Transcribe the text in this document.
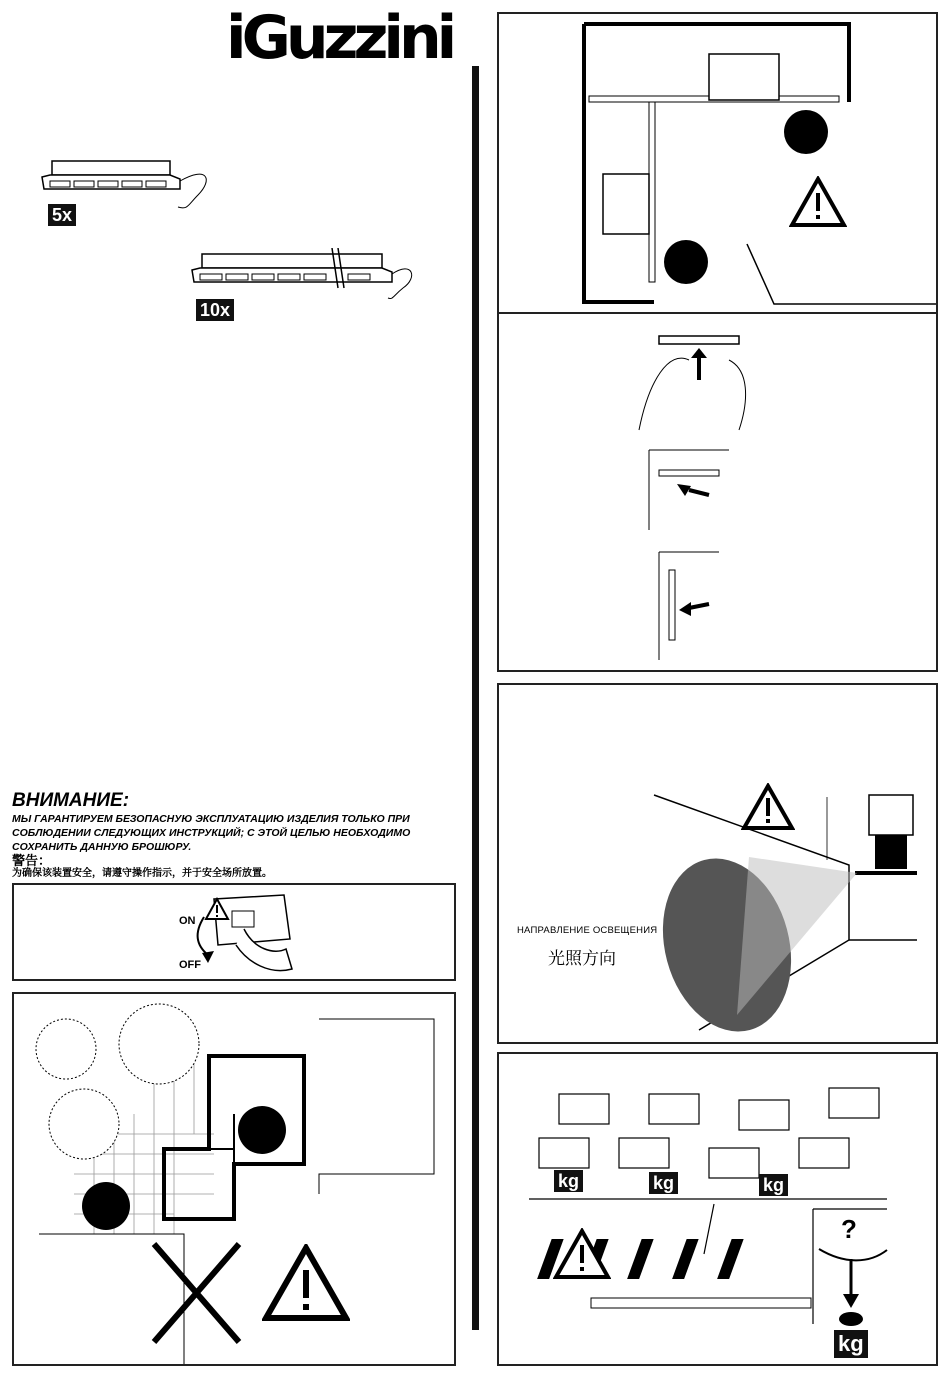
iGuzzini
5x
10x
ВНИМАНИЕ:
МЫ ГАРАНТИРУЕМ БЕЗОПАСНУЮ ЭКСПЛУАТАЦИЮ ИЗДЕЛИЯ ТОЛЬКО ПРИ СОБЛЮДЕНИИ СЛЕДУЮЩИХ ИНСТРУКЦИЙ; С ЭТОЙ ЦЕЛЬЮ НЕОБХОДИМО СОХРАНИТЬ ДАННУЮ БРОШЮРУ.
警告：
为确保该装置安全，请遵守操作指示，并于安全场所放置。
ON
OFF
НАПРАВЛЕНИЕ ОСВЕЩЕНИЯ
光照方向
kg	kg	kg
kg
?
